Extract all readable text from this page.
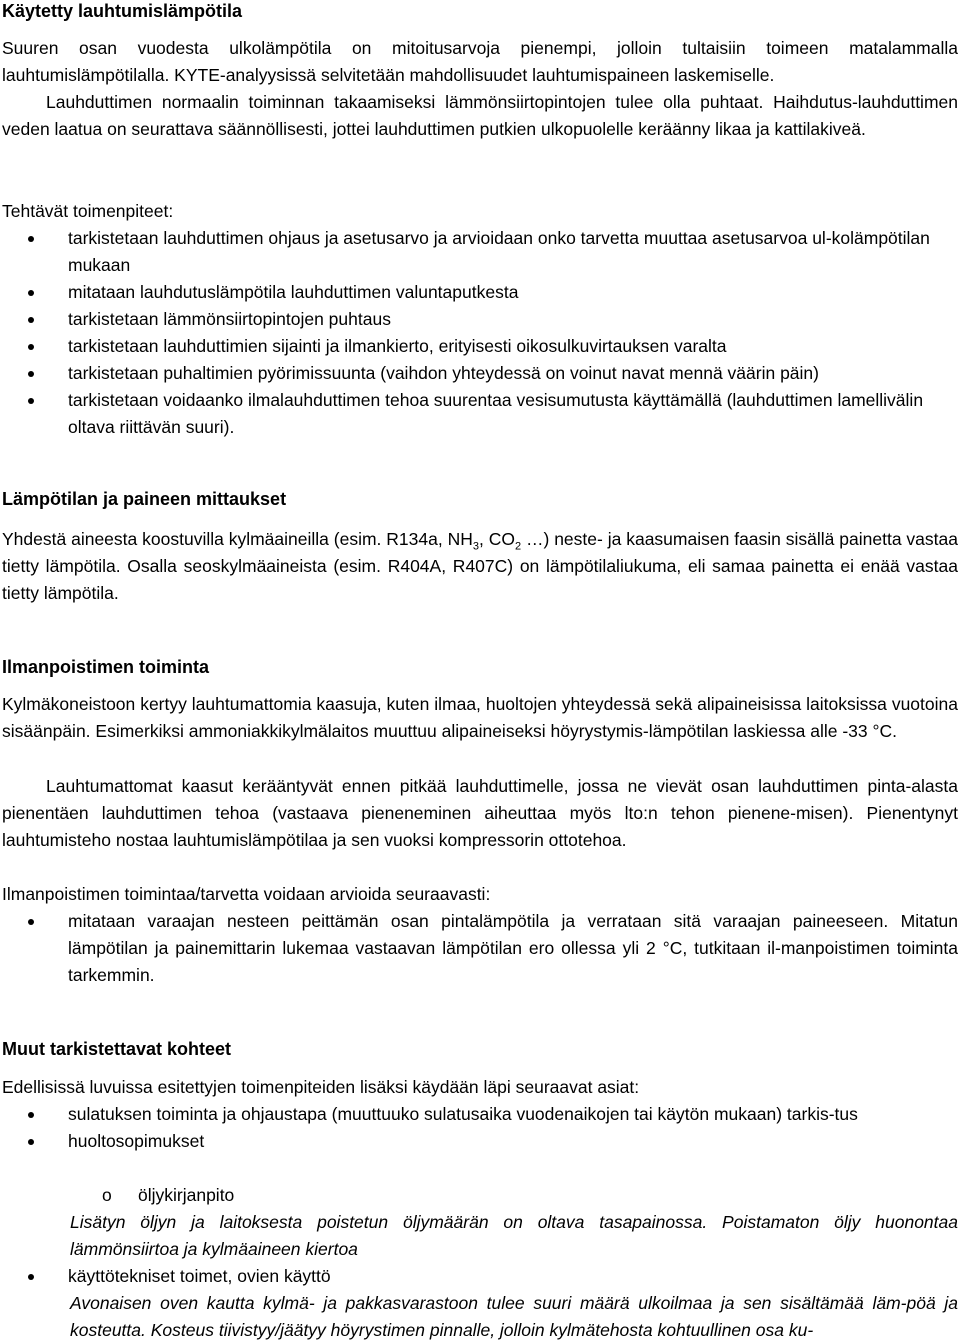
Käytetty lauhtumislämpötila

Suuren osan vuodesta ulkolämpötila on mitoitusarvoja pienempi, jolloin tultaisiin toimeen matalammalla lauhtumislämpötilalla. KYTE-analyysissä selvitetään mahdollisuudet lauhtumispaineen laskemiselle.

Lauhduttimen normaalin toiminnan takaamiseksi lämmönsiirtopintojen tulee olla puhtaat. Haihdutus-lauhduttimen veden laatua on seurattava säännöllisesti, jottei lauhduttimen putkien ulkopuolelle keräänny likaa ja kattilakiveä.

Tehtävät toimenpiteet:

tarkistetaan lauhduttimen ohjaus ja asetusarvo ja arvioidaan onko tarvetta muuttaa asetusarvoa ul-kolämpötilan mukaan
mitataan lauhdutuslämpötila lauhduttimen valuntaputkesta
tarkistetaan lämmönsiirtopintojen puhtaus
tarkistetaan lauhduttimien sijainti ja ilmankierto, erityisesti oikosulkuvirtauksen varalta
tarkistetaan puhaltimien pyörimissuunta (vaihdon yhteydessä on voinut navat mennä väärin päin)
tarkistetaan voidaanko ilmalauhduttimen tehoa suurentaa vesisumutusta käyttämällä (lauhduttimen lamellivälin oltava riittävän suuri).
Lämpötilan ja paineen mittaukset

Yhdestä aineesta koostuvilla kylmäaineilla (esim. R134a, $NH_3$, $CO_2$ …) neste- ja kaasumaisen faasin sisällä painetta vastaa tietty lämpötila. Osalla seoskylmäaineista (esim. R404A, R407C) on lämpötilaliukuma, eli samaa painetta ei enää vastaa tietty lämpötila.

Ilmanpoistimen toiminta

Kylmäkoneistoon kertyy lauhtumattomia kaasuja, kuten ilmaa, huoltojen yhteydessä sekä alipaineisissa laitoksissa vuotoina sisäänpäin. Esimerkiksi ammoniakkikylmälaitos muuttuu alipaineiseksi höyrystymis-lämpötilan laskiessa alle -33 °C.

Lauhtumattomat kaasut kerääntyvät ennen pitkää lauhduttimelle, jossa ne vievät osan lauhduttimen pinta-alasta pienentäen lauhduttimen tehoa (vastaava pieneneminen aiheuttaa myös lto:n tehon pienene-misen). Pienentynyt lauhtumisteho nostaa lauhtumislämpötilaa ja sen vuoksi kompressorin ottotehoa.

Ilmanpoistimen toimintaa/tarvetta voidaan arvioida seuraavasti:

mitataan varaajan nesteen peittämän osan pintalämpötila ja verrataan sitä varaajan paineeseen. Mitatun lämpötilan ja painemittarin lukemaa vastaavan lämpötilan ero ollessa yli 2 °C, tutkitaan il-manpoistimen toiminta tarkemmin.
Muut tarkistettavat kohteet

Edellisissä luvuissa esitettyjen toimenpiteiden lisäksi käydään läpi seuraavat asiat:

sulatuksen toiminta ja ohjaustapa (muuttuuko sulatusaika vuodenaikojen tai käytön mukaan) tarkis-tus
huoltosopimukset
o öljykirjanpito

Lisätyn öljyn ja laitoksesta poistetun öljymäärän on oltava tasapainossa. Poistamaton öljy huonontaa lämmönsiirtoa ja kylmäaineen kiertoa

käyttötekniset toimet, ovien käyttö

Avonaisen oven kautta kylmä- ja pakkasvarastoon tulee suuri määrä ulkoilmaa ja sen sisältämää läm-pöä ja kosteutta. Kosteus tiivistyy/jäätyy höyrystimen pinnalle, jolloin kylmätehosta kohtuullinen osa ku-
